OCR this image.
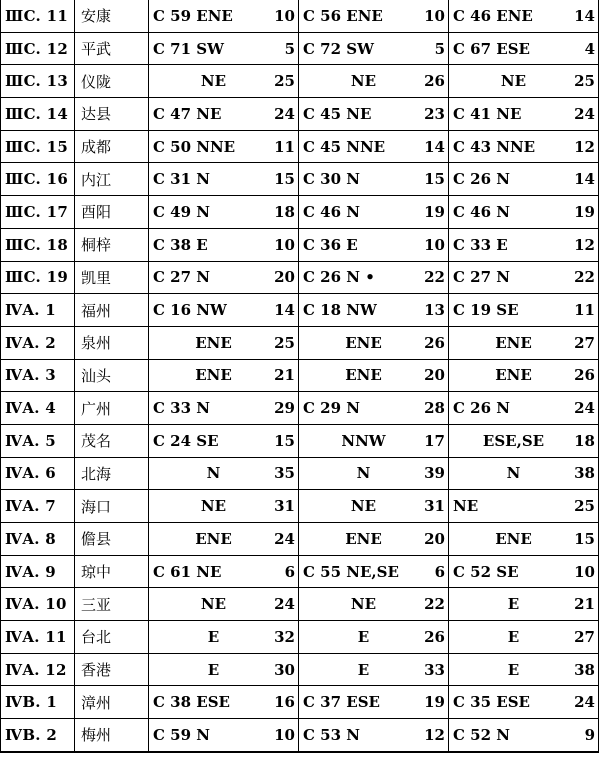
ⅢC. 11	安康	C 59 ENE 10	C 56 ENE 10	C 46 ENE 14

ⅢC. 12	平武	C 71 SW 5	C 72 SW 5	C 67 ESE 4

ⅢC. 13	仪陇	NE 25	NE 26	NE 25

ⅢC. 14	达县	C 47 NE 24	C 45 NE 23	C 41 NE 24

ⅢC. 15	成都	C 50 NNE 11	C 45 NNE 14	C 43 NNE 12

ⅢC. 16	内江	C 31 N 15	C 30 N 15	C 26 N 14

ⅢC. 17	酉阳	C 49 N 18	C 46 N 19	C 46 N 19

ⅢC. 18	桐梓	C 38 E 10	C 36 E 10	C 33 E 12

ⅢC. 19	凯里	C 27 N 20	C 26 N • 22	C 27 N 22

ⅣA. 1	福州	C 16 NW 14	C 18 NW 13	C 19 SE 11

ⅣA. 2	泉州	ENE 25	ENE 26	ENE 27

ⅣA. 3	汕头	ENE 21	ENE 20	ENE 26

ⅣA. 4	广州	C 33 N 29	C 29 N 28	C 26 N 24

ⅣA. 5	茂名	C 24 SE 15	NNW 17	ESE,SE 18

ⅣA. 6	北海	N 35	N 39	N 38

ⅣA. 7	海口	NE 31	NE 31	NE 25

ⅣA. 8	儋县	ENE 24	ENE 20	ENE 15

ⅣA. 9	琼中	C 61 NE 6	C 55 NE,SE 6	C 52 SE 10

ⅣA. 10	三亚	NE 24	NE 22	E 21

ⅣA. 11	台北	E 32	E 26	E 27

ⅣA. 12	香港	E 30	E 33	E 38

ⅣB. 1	漳州	C 38 ESE 16	C 37 ESE 19	C 35 ESE 24

ⅣB. 2	梅州	C 59 N 10	C 53 N 12	C 52 N 9
